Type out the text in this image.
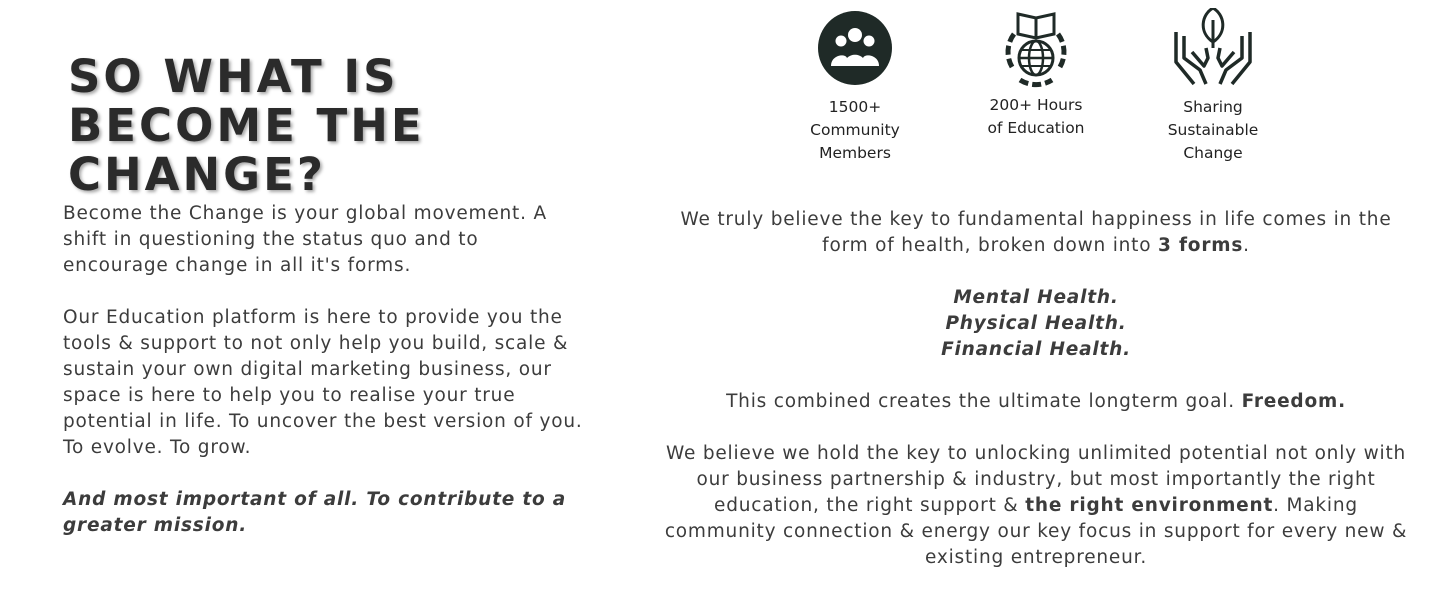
SO WHAT IS
BECOME THE
CHANGE?

Become the Change is your global movement. A shift in questioning the status quo and to encourage change in all it's forms.

Our Education platform is here to provide you the tools & support to not only help you build, scale & sustain your own digital marketing business, our space is here to help you to realise your true potential in life. To uncover the best version of you. To evolve. To grow.

And most important of all. To contribute to a greater mission.

1500+
Community
Members
200+ Hours
of Education
Sharing
Sustainable
Change

We truly believe the key to fundamental happiness in life comes in the form of health, broken down into 3 forms.

Mental Health.
Physical Health.
Financial Health.

This combined creates the ultimate longterm goal. Freedom.

We believe we hold the key to unlocking unlimited potential not only with our business partnership & industry, but most importantly the right education, the right support & the right environment. Making community connection & energy our key focus in support for every new & existing entrepreneur.
